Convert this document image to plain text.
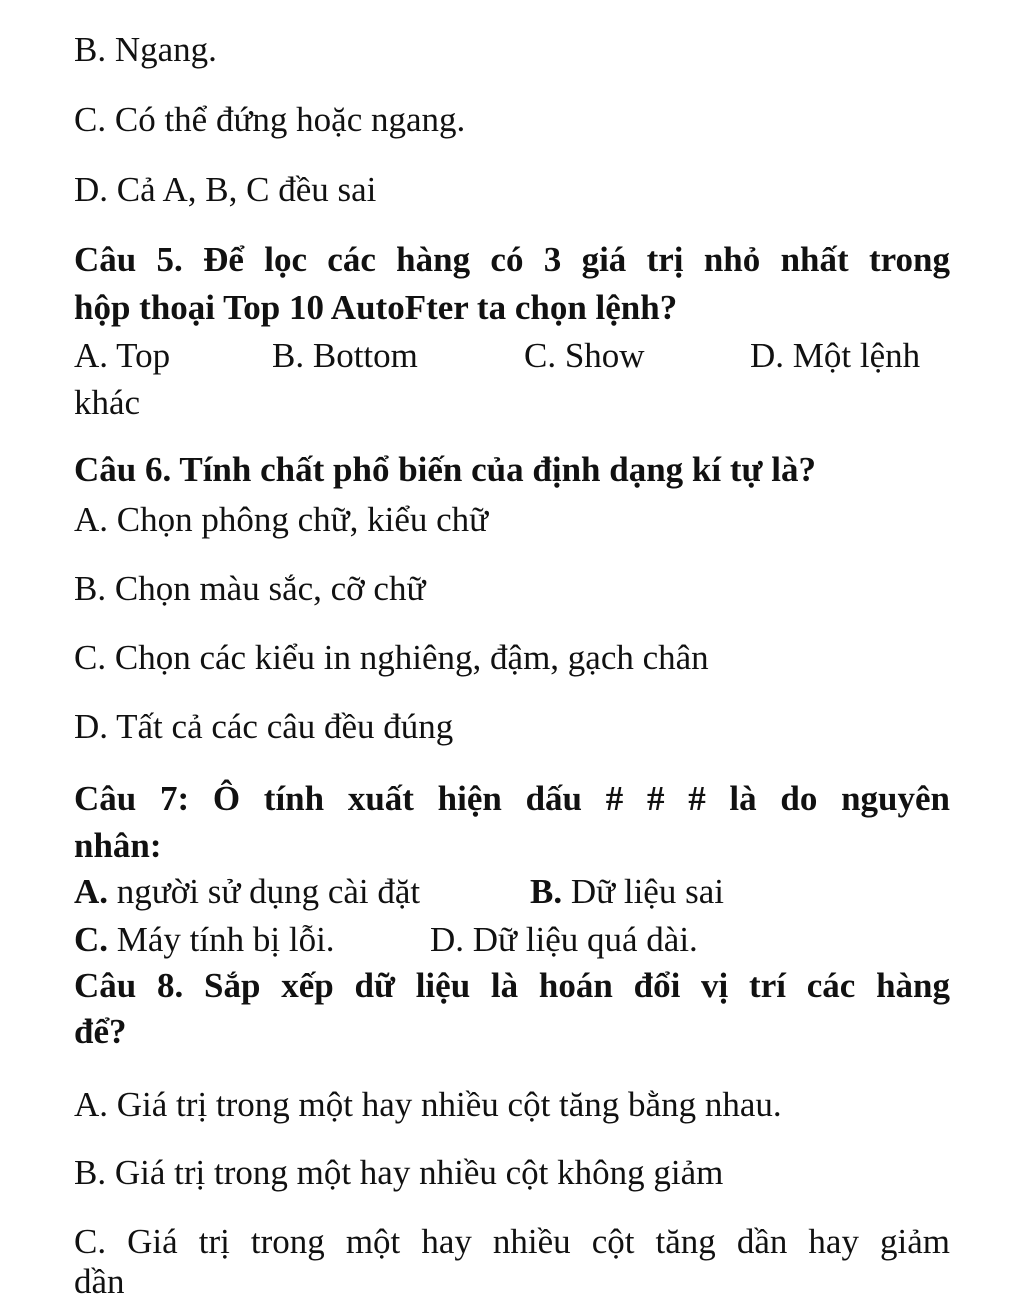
B. Ngang.
C. Có thể đứng hoặc ngang.
D. Cả A, B, C đều sai
Câu 5. Để lọc các hàng có 3 giá trị nhỏ nhất trong
hộp thoại Top 10 AutoFter ta chọn lệnh?
A. Top	B. Bottom	C. Show	D. Một lệnh
khác
Câu 6. Tính chất phổ biến của định dạng kí tự là?
A. Chọn phông chữ, kiểu chữ
B. Chọn màu sắc, cỡ chữ
C. Chọn các kiểu in nghiêng, đậm, gạch chân
D. Tất cả các câu đều đúng
Câu 7: Ô tính xuất hiện dấu # # # là do nguyên
nhân:
A. người sử dụng cài đặt	B. Dữ liệu sai
C. Máy tính bị lỗi.	D. Dữ liệu quá dài.
Câu 8. Sắp xếp dữ liệu là hoán đổi vị trí các hàng
để?
A. Giá trị trong một hay nhiều cột tăng bằng nhau.
B. Giá trị trong một hay nhiều cột không giảm
C. Giá trị trong một hay nhiều cột tăng dần hay giảm
dần
